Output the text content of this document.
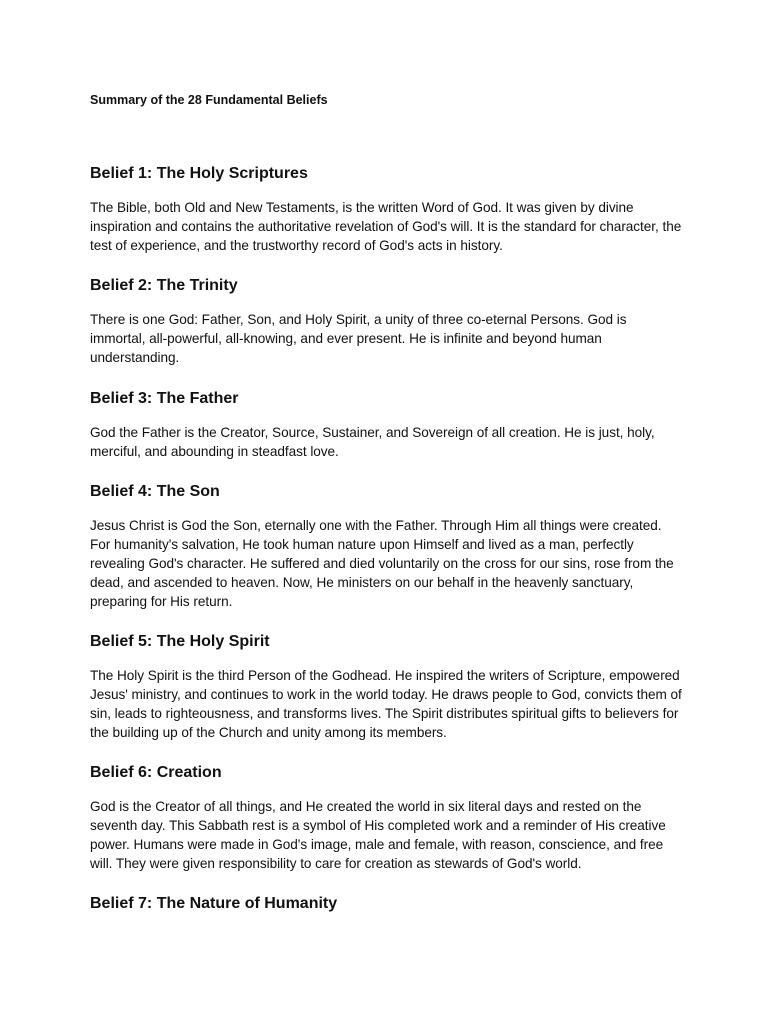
Summary of the 28 Fundamental Beliefs
Belief 1: The Holy Scriptures

The Bible, both Old and New Testaments, is the written Word of God. It was given by divine inspiration and contains the authoritative revelation of God's will. It is the standard for character, the test of experience, and the trustworthy record of God's acts in history.

Belief 2: The Trinity

There is one God: Father, Son, and Holy Spirit, a unity of three co-eternal Persons. God is immortal, all-powerful, all-knowing, and ever present. He is infinite and beyond human understanding.

Belief 3: The Father

God the Father is the Creator, Source, Sustainer, and Sovereign of all creation. He is just, holy, merciful, and abounding in steadfast love.

Belief 4: The Son

Jesus Christ is God the Son, eternally one with the Father. Through Him all things were created. For humanity's salvation, He took human nature upon Himself and lived as a man, perfectly revealing God's character. He suffered and died voluntarily on the cross for our sins, rose from the dead, and ascended to heaven. Now, He ministers on our behalf in the heavenly sanctuary, preparing for His return.

Belief 5: The Holy Spirit

The Holy Spirit is the third Person of the Godhead. He inspired the writers of Scripture, empowered Jesus' ministry, and continues to work in the world today. He draws people to God, convicts them of sin, leads to righteousness, and transforms lives. The Spirit distributes spiritual gifts to believers for the building up of the Church and unity among its members.

Belief 6: Creation

God is the Creator of all things, and He created the world in six literal days and rested on the seventh day. This Sabbath rest is a symbol of His completed work and a reminder of His creative power. Humans were made in God's image, male and female, with reason, conscience, and free will. They were given responsibility to care for creation as stewards of God's world.

Belief 7: The Nature of Humanity
